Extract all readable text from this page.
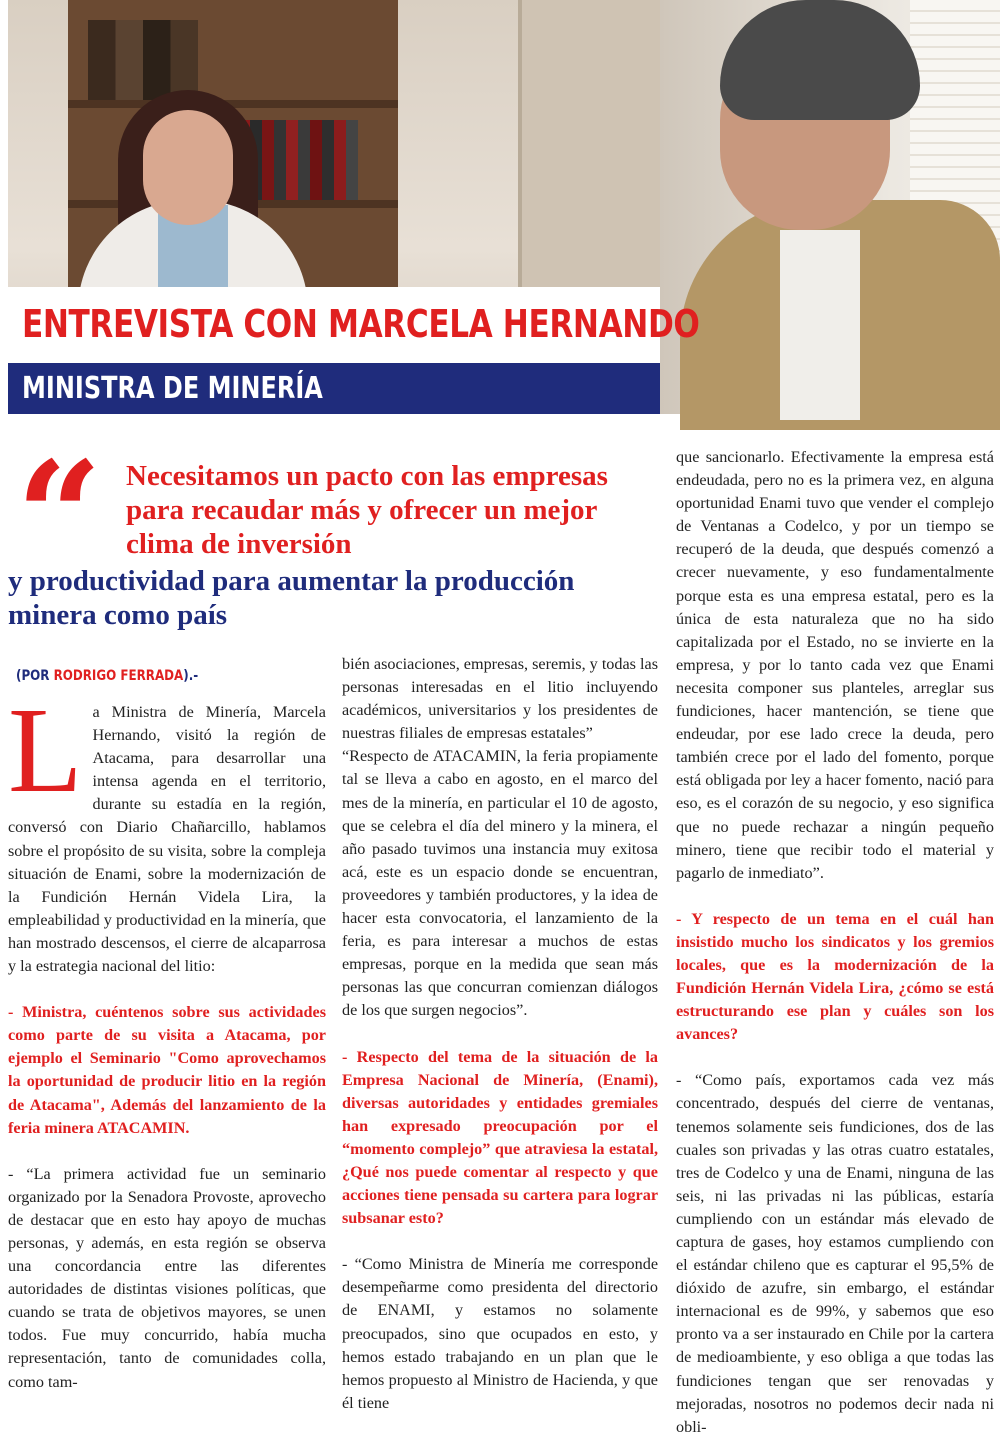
ENTREVISTA CON MARCELA HERNANDO
MINISTRA DE MINERÍA
“ Necesitamos un pacto con las empresas para recaudar más y ofrecer un mejor clima de inversión

y productividad para aumentar la producción minera como país

(POR RODRIGO FERRADA).-
L a Ministra de Minería, Marcela Hernando, visitó la región de Atacama, para desarrollar una intensa agenda en el territorio, durante su estadía en la región, conversó con Diario Chañarcillo, hablamos sobre el propósito de su visita, sobre la compleja situación de Enami, sobre la modernización de la Fundición Hernán Videla Lira, la empleabilidad y productividad en la minería, que han mostrado descensos, el cierre de alcaparrosa y la estrategia nacional del litio:

- Ministra, cuéntenos sobre sus actividades como parte de su visita a Atacama, por ejemplo el Seminario "Como aprovechamos la oportunidad de producir litio en la región de Atacama", Además del lanzamiento de la feria minera ATACAMIN.

- “La primera actividad fue un seminario organizado por la Senadora Provoste, aprovecho de destacar que en esto hay apoyo de muchas personas, y además, en esta región se observa una concordancia entre las diferentes autoridades de distintas visiones políticas, que cuando se trata de objetivos mayores, se unen todos. Fue muy concurrido, había mucha representación, tanto de comunidades colla, como tam-

bién asociaciones, empresas, seremis, y todas las personas interesadas en el litio incluyendo académicos, universitarios y los presidentes de nuestras filiales de empresas estatales”

“Respecto de ATACAMIN, la feria propiamente tal se lleva a cabo en agosto, en el marco del mes de la minería, en particular el 10 de agosto, que se celebra el día del minero y la minera, el año pasado tuvimos una instancia muy exitosa acá, este es un espacio donde se encuentran, proveedores y también productores, y la idea de hacer esta convocatoria, el lanzamiento de la feria, es para interesar a muchos de estas empresas, porque en la medida que sean más personas las que concurran comienzan diálogos de los que surgen negocios”.

- Respecto del tema de la situación de la Empresa Nacional de Minería, (Enami), diversas autoridades y entidades gremiales han expresado preocupación por el “momento complejo” que atraviesa la estatal, ¿Qué nos puede comentar al respecto y que acciones tiene pensada su cartera para lograr subsanar esto?

- “Como Ministra de Minería me corresponde desempeñarme como presidenta del directorio de ENAMI, y estamos no solamente preocupados, sino que ocupados en esto, y hemos estado trabajando en un plan que le hemos propuesto al Ministro de Hacienda, y que él tiene

que sancionarlo. Efectivamente la empresa está endeudada, pero no es la primera vez, en alguna oportunidad Enami tuvo que vender el complejo de Ventanas a Codelco, y por un tiempo se recuperó de la deuda, que después comenzó a crecer nuevamente, y eso fundamentalmente porque esta es una empresa estatal, pero es la única de esta naturaleza que no ha sido capitalizada por el Estado, no se invierte en la empresa, y por lo tanto cada vez que Enami necesita componer sus planteles, arreglar sus fundiciones, hacer mantención, se tiene que endeudar, por ese lado crece la deuda, pero también crece por el lado del fomento, porque está obligada por ley a hacer fomento, nació para eso, es el corazón de su negocio, y eso significa que no puede rechazar a ningún pequeño minero, tiene que recibir todo el material y pagarlo de inmediato”.

- Y respecto de un tema en el cuál han insistido mucho los sindicatos y los gremios locales, que es la modernización de la Fundición Hernán Videla Lira, ¿cómo se está estructurando ese plan y cuáles son los avances?

- “Como país, exportamos cada vez más concentrado, después del cierre de ventanas, tenemos solamente seis fundiciones, dos de las cuales son privadas y las otras cuatro estatales, tres de Codelco y una de Enami, ninguna de las seis, ni las privadas ni las públicas, estaría cumpliendo con un estándar más elevado de captura de gases, hoy estamos cumpliendo con el estándar chileno que es capturar el 95,5% de dióxido de azufre, sin embargo, el estándar internacional es de 99%, y sabemos que eso pronto va a ser instaurado en Chile por la cartera de medioambiente, y eso obliga a que todas las fundiciones tengan que ser renovadas y mejoradas, nosotros no podemos decir nada ni obli-
